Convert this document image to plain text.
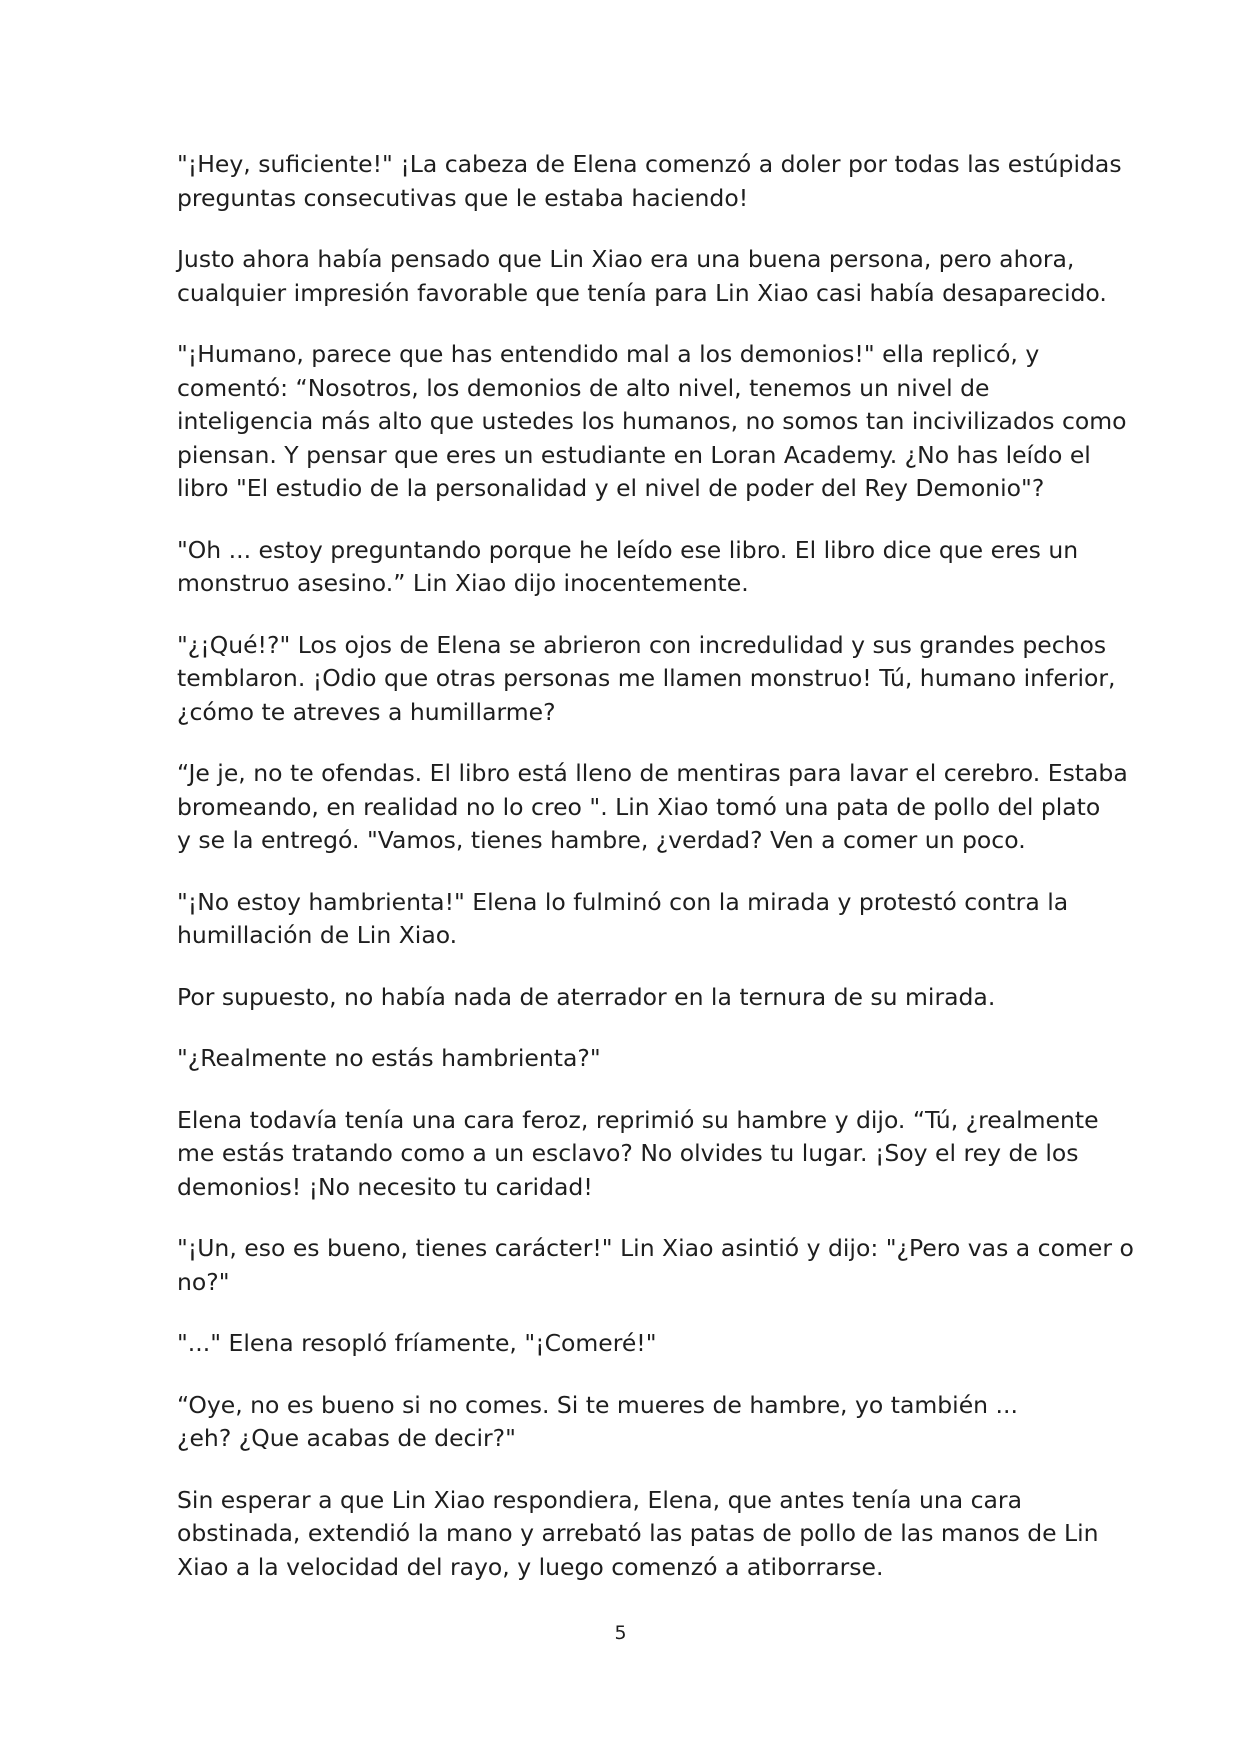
"¡Hey, suficiente!" ¡La cabeza de Elena comenzó a doler por todas las estúpidas
preguntas consecutivas que le estaba haciendo!

Justo ahora había pensado que Lin Xiao era una buena persona, pero ahora,
cualquier impresión favorable que tenía para Lin Xiao casi había desaparecido.

"¡Humano, parece que has entendido mal a los demonios!" ella replicó, y
comentó: “Nosotros, los demonios de alto nivel, tenemos un nivel de
inteligencia más alto que ustedes los humanos, no somos tan incivilizados como
piensan. Y pensar que eres un estudiante en Loran Academy. ¿No has leído el
libro "El estudio de la personalidad y el nivel de poder del Rey Demonio"?

"Oh ... estoy preguntando porque he leído ese libro. El libro dice que eres un
monstruo asesino.” Lin Xiao dijo inocentemente.

"¿¡Qué!?" Los ojos de Elena se abrieron con incredulidad y sus grandes pechos
temblaron. ¡Odio que otras personas me llamen monstruo! Tú, humano inferior,
¿cómo te atreves a humillarme?

“Je je, no te ofendas. El libro está lleno de mentiras para lavar el cerebro. Estaba
bromeando, en realidad no lo creo ". Lin Xiao tomó una pata de pollo del plato
y se la entregó. "Vamos, tienes hambre, ¿verdad? Ven a comer un poco.

"¡No estoy hambrienta!" Elena lo fulminó con la mirada y protestó contra la
humillación de Lin Xiao.

Por supuesto, no había nada de aterrador en la ternura de su mirada.

"¿Realmente no estás hambrienta?"

Elena todavía tenía una cara feroz, reprimió su hambre y dijo. “Tú, ¿realmente
me estás tratando como a un esclavo? No olvides tu lugar. ¡Soy el rey de los
demonios! ¡No necesito tu caridad!

"¡Un, eso es bueno, tienes carácter!" Lin Xiao asintió y dijo: "¿Pero vas a comer o
no?"

"..." Elena resopló fríamente, "¡Comeré!"

“Oye, no es bueno si no comes. Si te mueres de hambre, yo también ...
¿eh? ¿Que acabas de decir?"

Sin esperar a que Lin Xiao respondiera, Elena, que antes tenía una cara
obstinada, extendió la mano y arrebató las patas de pollo de las manos de Lin
Xiao a la velocidad del rayo, y luego comenzó a atiborrarse.

5
